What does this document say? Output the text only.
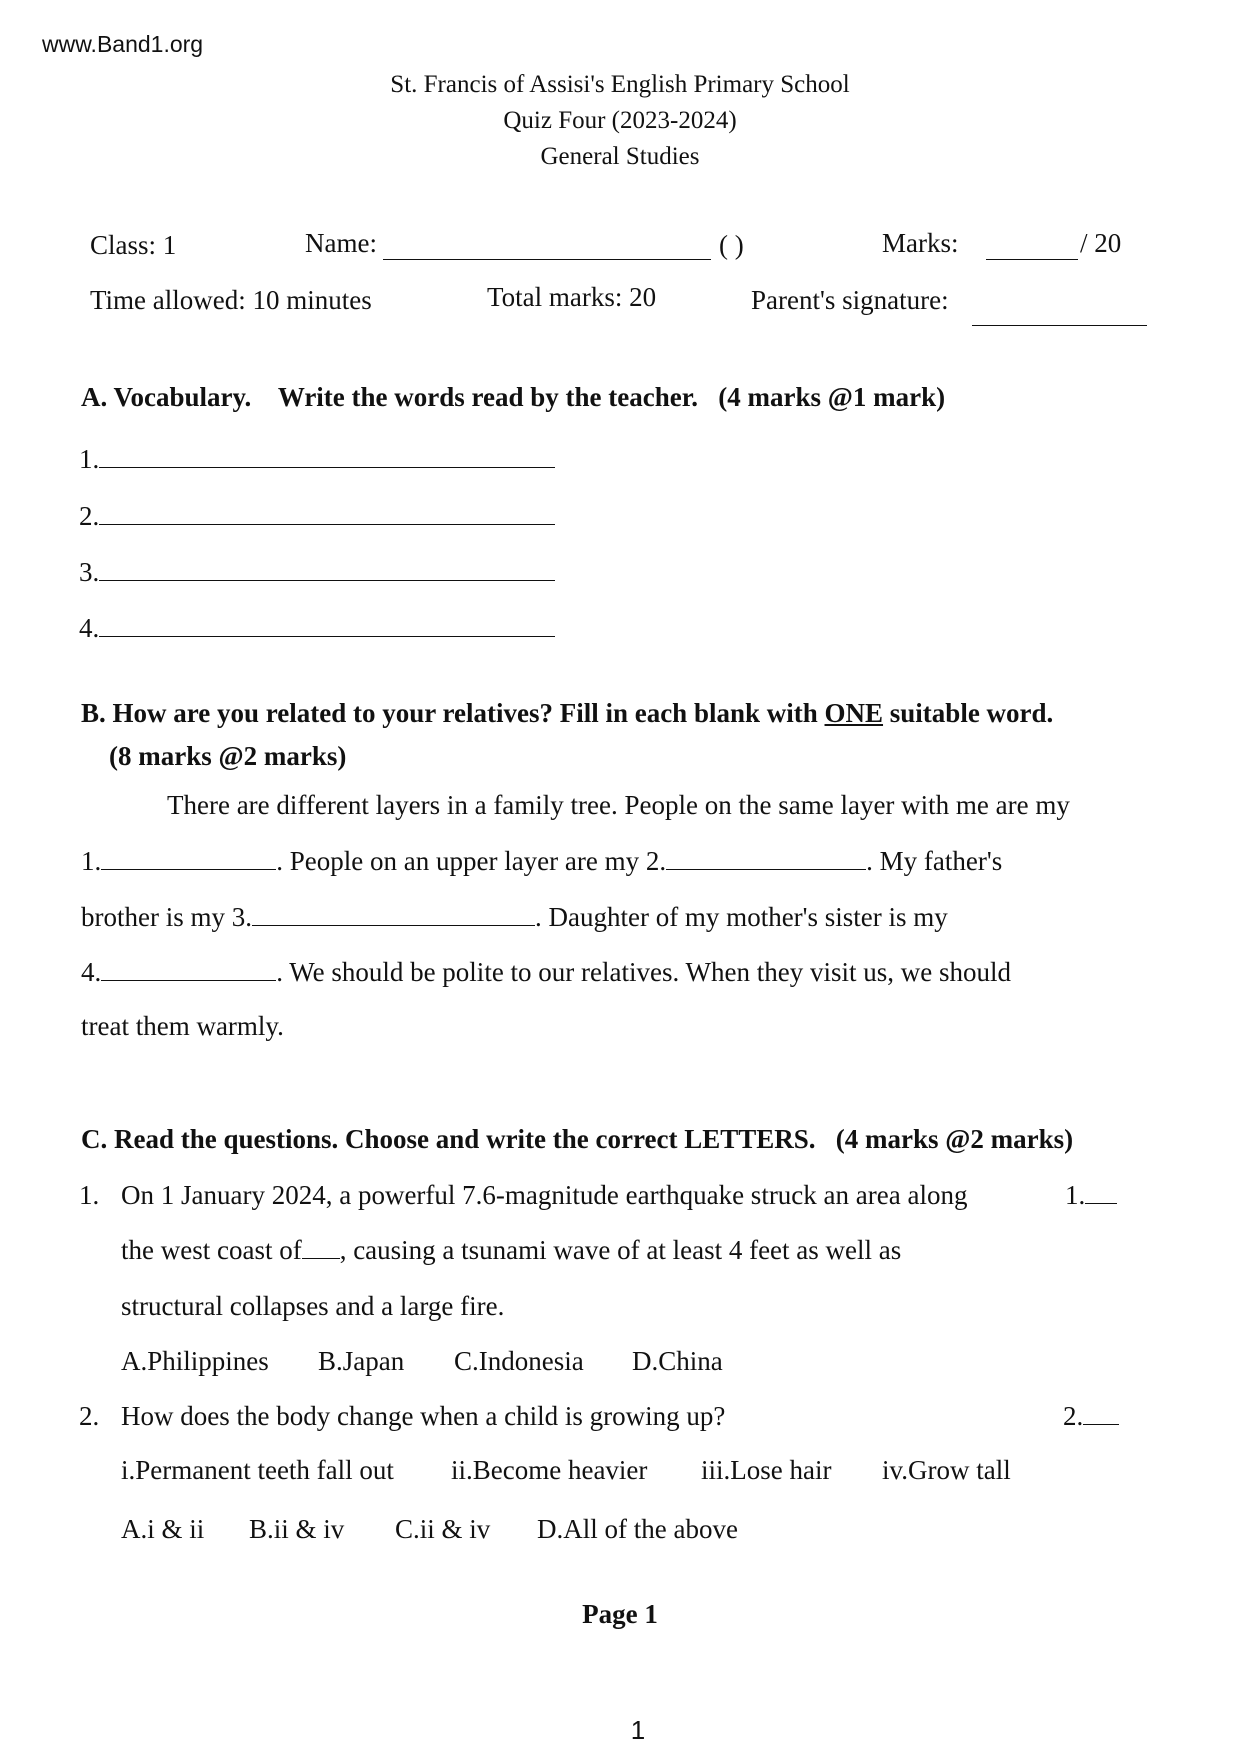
www.Band1.org
St. Francis of Assisi's English Primary School
Quiz Four (2023-2024)
General Studies
Class: 1	Name:	( )	Marks:	/ 20
Time allowed: 10 minutes	Total marks: 20	Parent's signature:
A. Vocabulary. Write the words read by the teacher. (4 marks @1 mark)
1.
2.
3.
4.
B. How are you related to your relatives? Fill in each blank with ONE suitable word.
(8 marks @2 marks)
There are different layers in a family tree. People on the same layer with me are my
1.	. People on an upper layer are my 2.	. My father's
brother is my 3.	. Daughter of my mother's sister is my
4.	. We should be polite to our relatives. When they visit us, we should
treat them warmly.
C. Read the questions. Choose and write the correct LETTERS. (4 marks @2 marks)
1. On 1 January 2024, a powerful 7.6-magnitude earthquake struck an area along	1.
the west coast of , causing a tsunami wave of at least 4 feet as well as
structural collapses and a large fire.
A.Philippines B.Japan C.Indonesia D.China
2. How does the body change when a child is growing up?	2.
i.Permanent teeth fall out ii.Become heavier iii.Lose hair iv.Grow tall
A.i & ii B.ii & iv C.ii & iv D.All of the above
Page 1
1
